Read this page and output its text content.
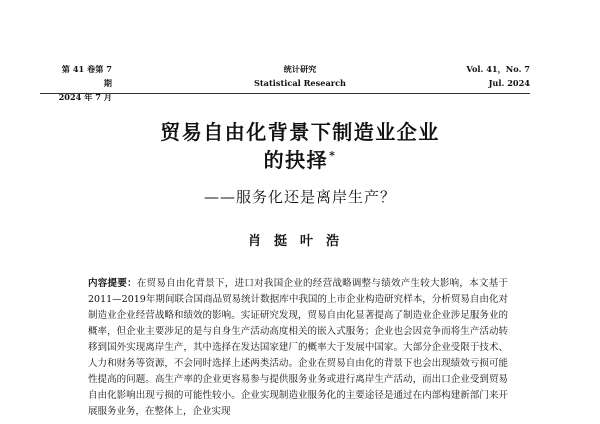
第 41 卷第 7 期
2024 年 7 月
统计研究
Statistical Research
Vol. 41，No. 7
Jul. 2024
贸易自由化背景下制造业企业
的抉择*
——服务化还是离岸生产？
肖挺叶浩
内容提要：在贸易自由化背景下，进口对我国企业的经营战略调整与绩效产生较大影响，本文基于2011—2019年期间联合国商品贸易统计数据库中我国的上市企业构造研究样本，分析贸易自由化对制造业企业经营战略和绩效的影响。实证研究发现，贸易自由化显著提高了制造业企业涉足服务业的概率，但企业主要涉足的是与自身生产活动高度相关的嵌入式服务；企业也会因竞争而将生产活动转移到国外实现离岸生产，其中选择在发达国家建厂的概率大于发展中国家。大部分企业受限于技术、人力和财务等资源，不会同时选择上述两类活动。企业在贸易自由化的背景下也会出现绩效亏损可能性提高的问题。高生产率的企业更容易参与提供服务业务或进行离岸生产活动，而出口企业受到贸易自由化影响出现亏损的可能性较小。企业实现制造业服务化的主要途径是通过在内部构建新部门来开展服务业务，在整体上，企业实现
